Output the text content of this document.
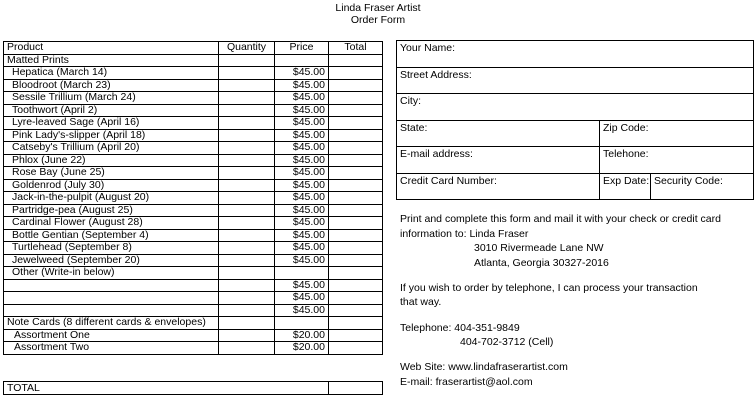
Linda Fraser Artist
Order Form
Product	Quantity	Price	Total
Matted Prints			
Hepatica (March 14)		$45.00	
Bloodroot (March 23)		$45.00	
Sessile Trillium (March 24)		$45.00	
Toothwort (April 2)		$45.00	
Lyre-leaved Sage (April 16)		$45.00	
Pink Lady's-slipper (April 18)		$45.00	
Catseby's Trillium (April 20)		$45.00	
Phlox (June 22)		$45.00	
Rose Bay (June 25)		$45.00	
Goldenrod (July 30)		$45.00	
Jack-in-the-pulpit (August 20)		$45.00	
Partridge-pea (August 25)		$45.00	
Cardinal Flower (August 28)		$45.00	
Bottle Gentian (September 4)		$45.00	
Turtlehead (September 8)		$45.00	
Jewelweed (September 20)		$45.00	
Other (Write-in below)			
		$45.00	
		$45.00	
		$45.00	
Note Cards (8 different cards & envelopes)			
Assortment One		$20.00	
Assortment Two		$20.00	
TOTAL	
Your Name:		
Street Address:		
City:		
State:	Zip Code:	
E-mail address:	Telehone:	
Credit Card Number:	Exp Date:	Security Code:

Print and complete this form and mail it with your check or credit card

information to: Linda Fraser

3010 Rivermeade Lane NW

Atlanta, Georgia 30327-2016

If you wish to order by telephone, I can process your transaction

that way.

Telephone: 404-351-9849

404-702-3712 (Cell)

Web Site: www.lindafraserartist.com

E-mail: fraserartist@aol.com
